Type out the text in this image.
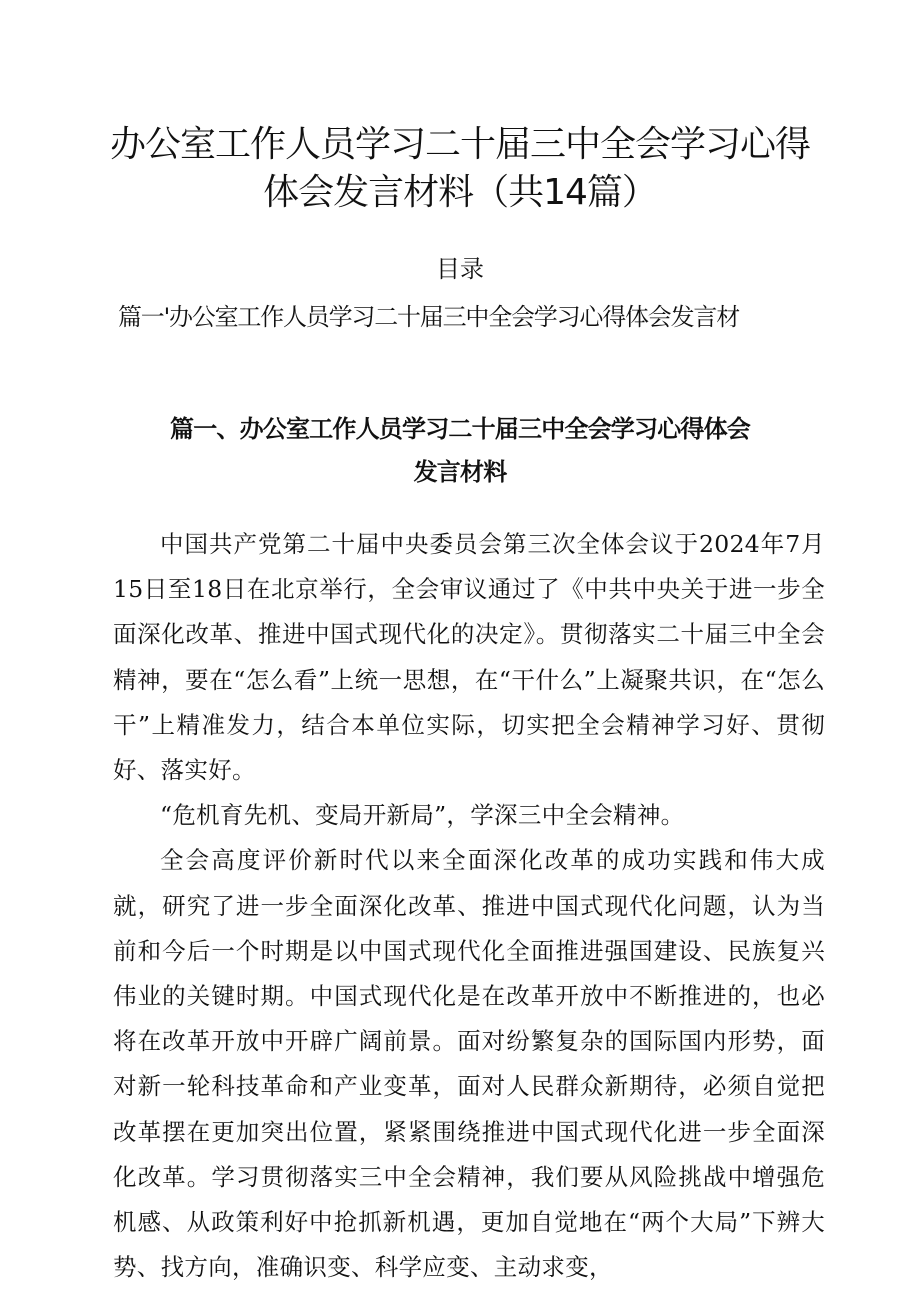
办公室工作人员学习二十届三中全会学习心得
体会发言材料（共14篇）
目录
篇一'办公室工作人员学习二十届三中全会学习心得体会发言材
篇一、办公室工作人员学习二十届三中全会学习心得体会
发言材料

中国共产党第二十届中央委员会第三次全体会议于2024年7月15日至18日在北京举行，全会审议通过了《中共中央关于进一步全面深化改革、推进中国式现代化的决定》。贯彻落实二十届三中全会精神，要在“怎么看”上统一思想，在“干什么”上凝聚共识，在“怎么干”上精准发力，结合本单位实际，切实把全会精神学习好、贯彻好、落实好。

“危机育先机、变局开新局”，学深三中全会精神。

全会高度评价新时代以来全面深化改革的成功实践和伟大成就，研究了进一步全面深化改革、推进中国式现代化问题，认为当前和今后一个时期是以中国式现代化全面推进强国建设、民族复兴伟业的关键时期。中国式现代化是在改革开放中不断推进的，也必将在改革开放中开辟广阔前景。面对纷繁复杂的国际国内形势，面对新一轮科技革命和产业变革，面对人民群众新期待，必须自觉把改革摆在更加突出位置，紧紧围绕推进中国式现代化进一步全面深化改革。学习贯彻落实三中全会精神，我们要从风险挑战中增强危机感、从政策利好中抢抓新机遇，更加自觉地在“两个大局”下辨大势、找方向，准确识变、科学应变、主动求变，
